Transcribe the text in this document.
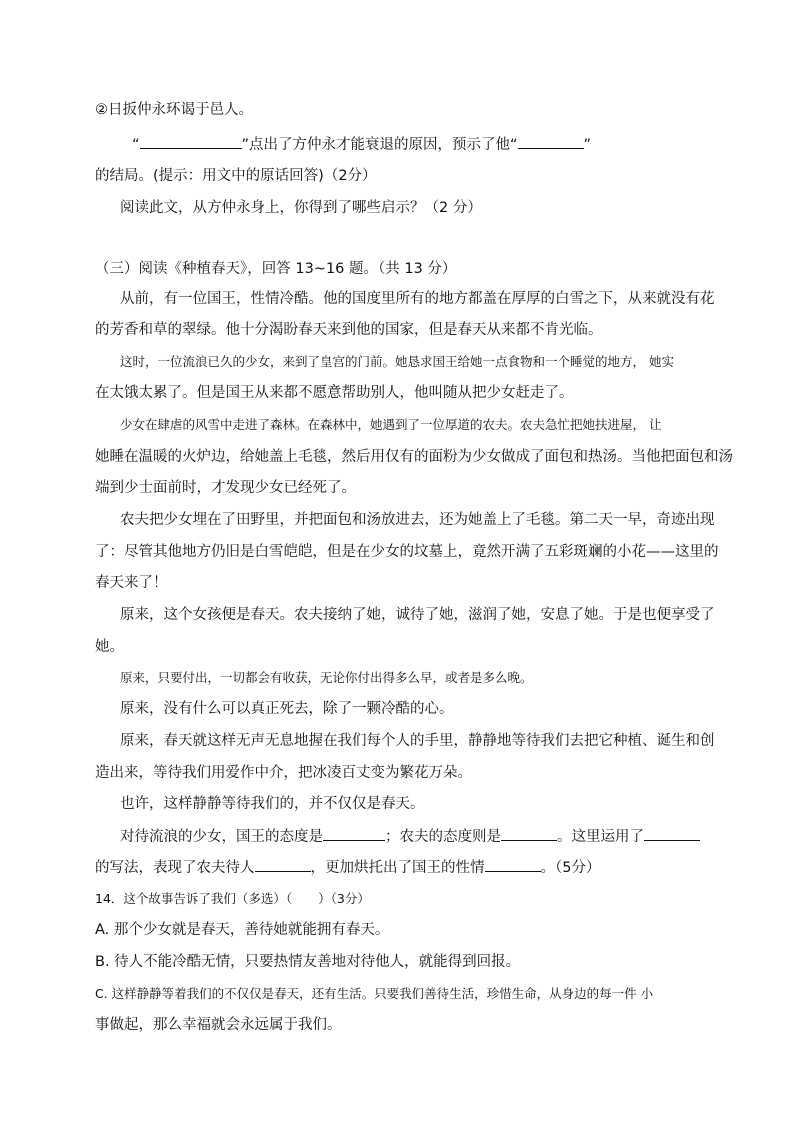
②日扳仲永环谒于邑人。
“	”点出了方仲永才能衰退的原因，预示了他“	”
的结局。(提示：用文中的原话回答)（2分）
阅读此文，从方仲永身上，你得到了哪些启示？（2 分）
（三）阅读《种植春天》，回答 13~16 题。（共 13 分）
从前，有一位国王，性情冷酷。他的国度里所有的地方都盖在厚厚的白雪之下，从来就没有花
的芳香和草的翠绿。他十分渴盼春天来到他的国家，但是春天从来都不肯光临。
这时，一位流浪已久的少女，来到了皇宫的门前。她恳求国王给她一点食物和一个睡觉的地方， 她实
在太饿太累了。但是国王从来都不愿意帮助别人，他叫随从把少女赶走了。
少女在肆虐的风雪中走进了森林。在森林中，她遇到了一位厚道的农夫。农夫急忙把她扶进屋， 让
她睡在温暖的火炉边，给她盖上毛毯，然后用仅有的面粉为少女做成了面包和热汤。当他把面包和汤
端到少士面前时，才发现少女已经死了。
农夫把少女埋在了田野里，并把面包和汤放进去，还为她盖上了毛毯。第二天一早，奇迹出现
了：尽管其他地方仍旧是白雪皑皑，但是在少女的坟墓上，竟然开满了五彩斑斓的小花——这里的
春天来了！
原来，这个女孩便是春天。农夫接纳了她，诚待了她，滋润了她，安息了她。于是也便享受了
她。
原来，只要付出，一切都会有收获，无论你付出得多么早，或者是多么晚。
原来，没有什么可以真正死去，除了一颗冷酷的心。
原来，春天就这样无声无息地握在我们每个人的手里，静静地等待我们去把它种植、诞生和创
造出来，等待我们用爱作中介，把冰凌百丈变为繁花万朵。
也许，这样静静等待我们的，并不仅仅是春天。
对待流浪的少女，国王的态度是	；农夫的态度则是	。这里运用了
的写法，表现了农夫待人	，更加烘托出了国王的性情	。（5分）
14．这个故事告诉了我们（多选）（ ）（3分）
A. 那个少女就是春天，善待她就能拥有春天。
B. 待人不能冷酷无情，只要热情友善地对待他人，就能得到回报。
C. 这样静静等着我们的不仅仅是春天，还有生活。只要我们善待生活，珍惜生命，从身边的每一件 小
事做起，那么幸福就会永远属于我们。
